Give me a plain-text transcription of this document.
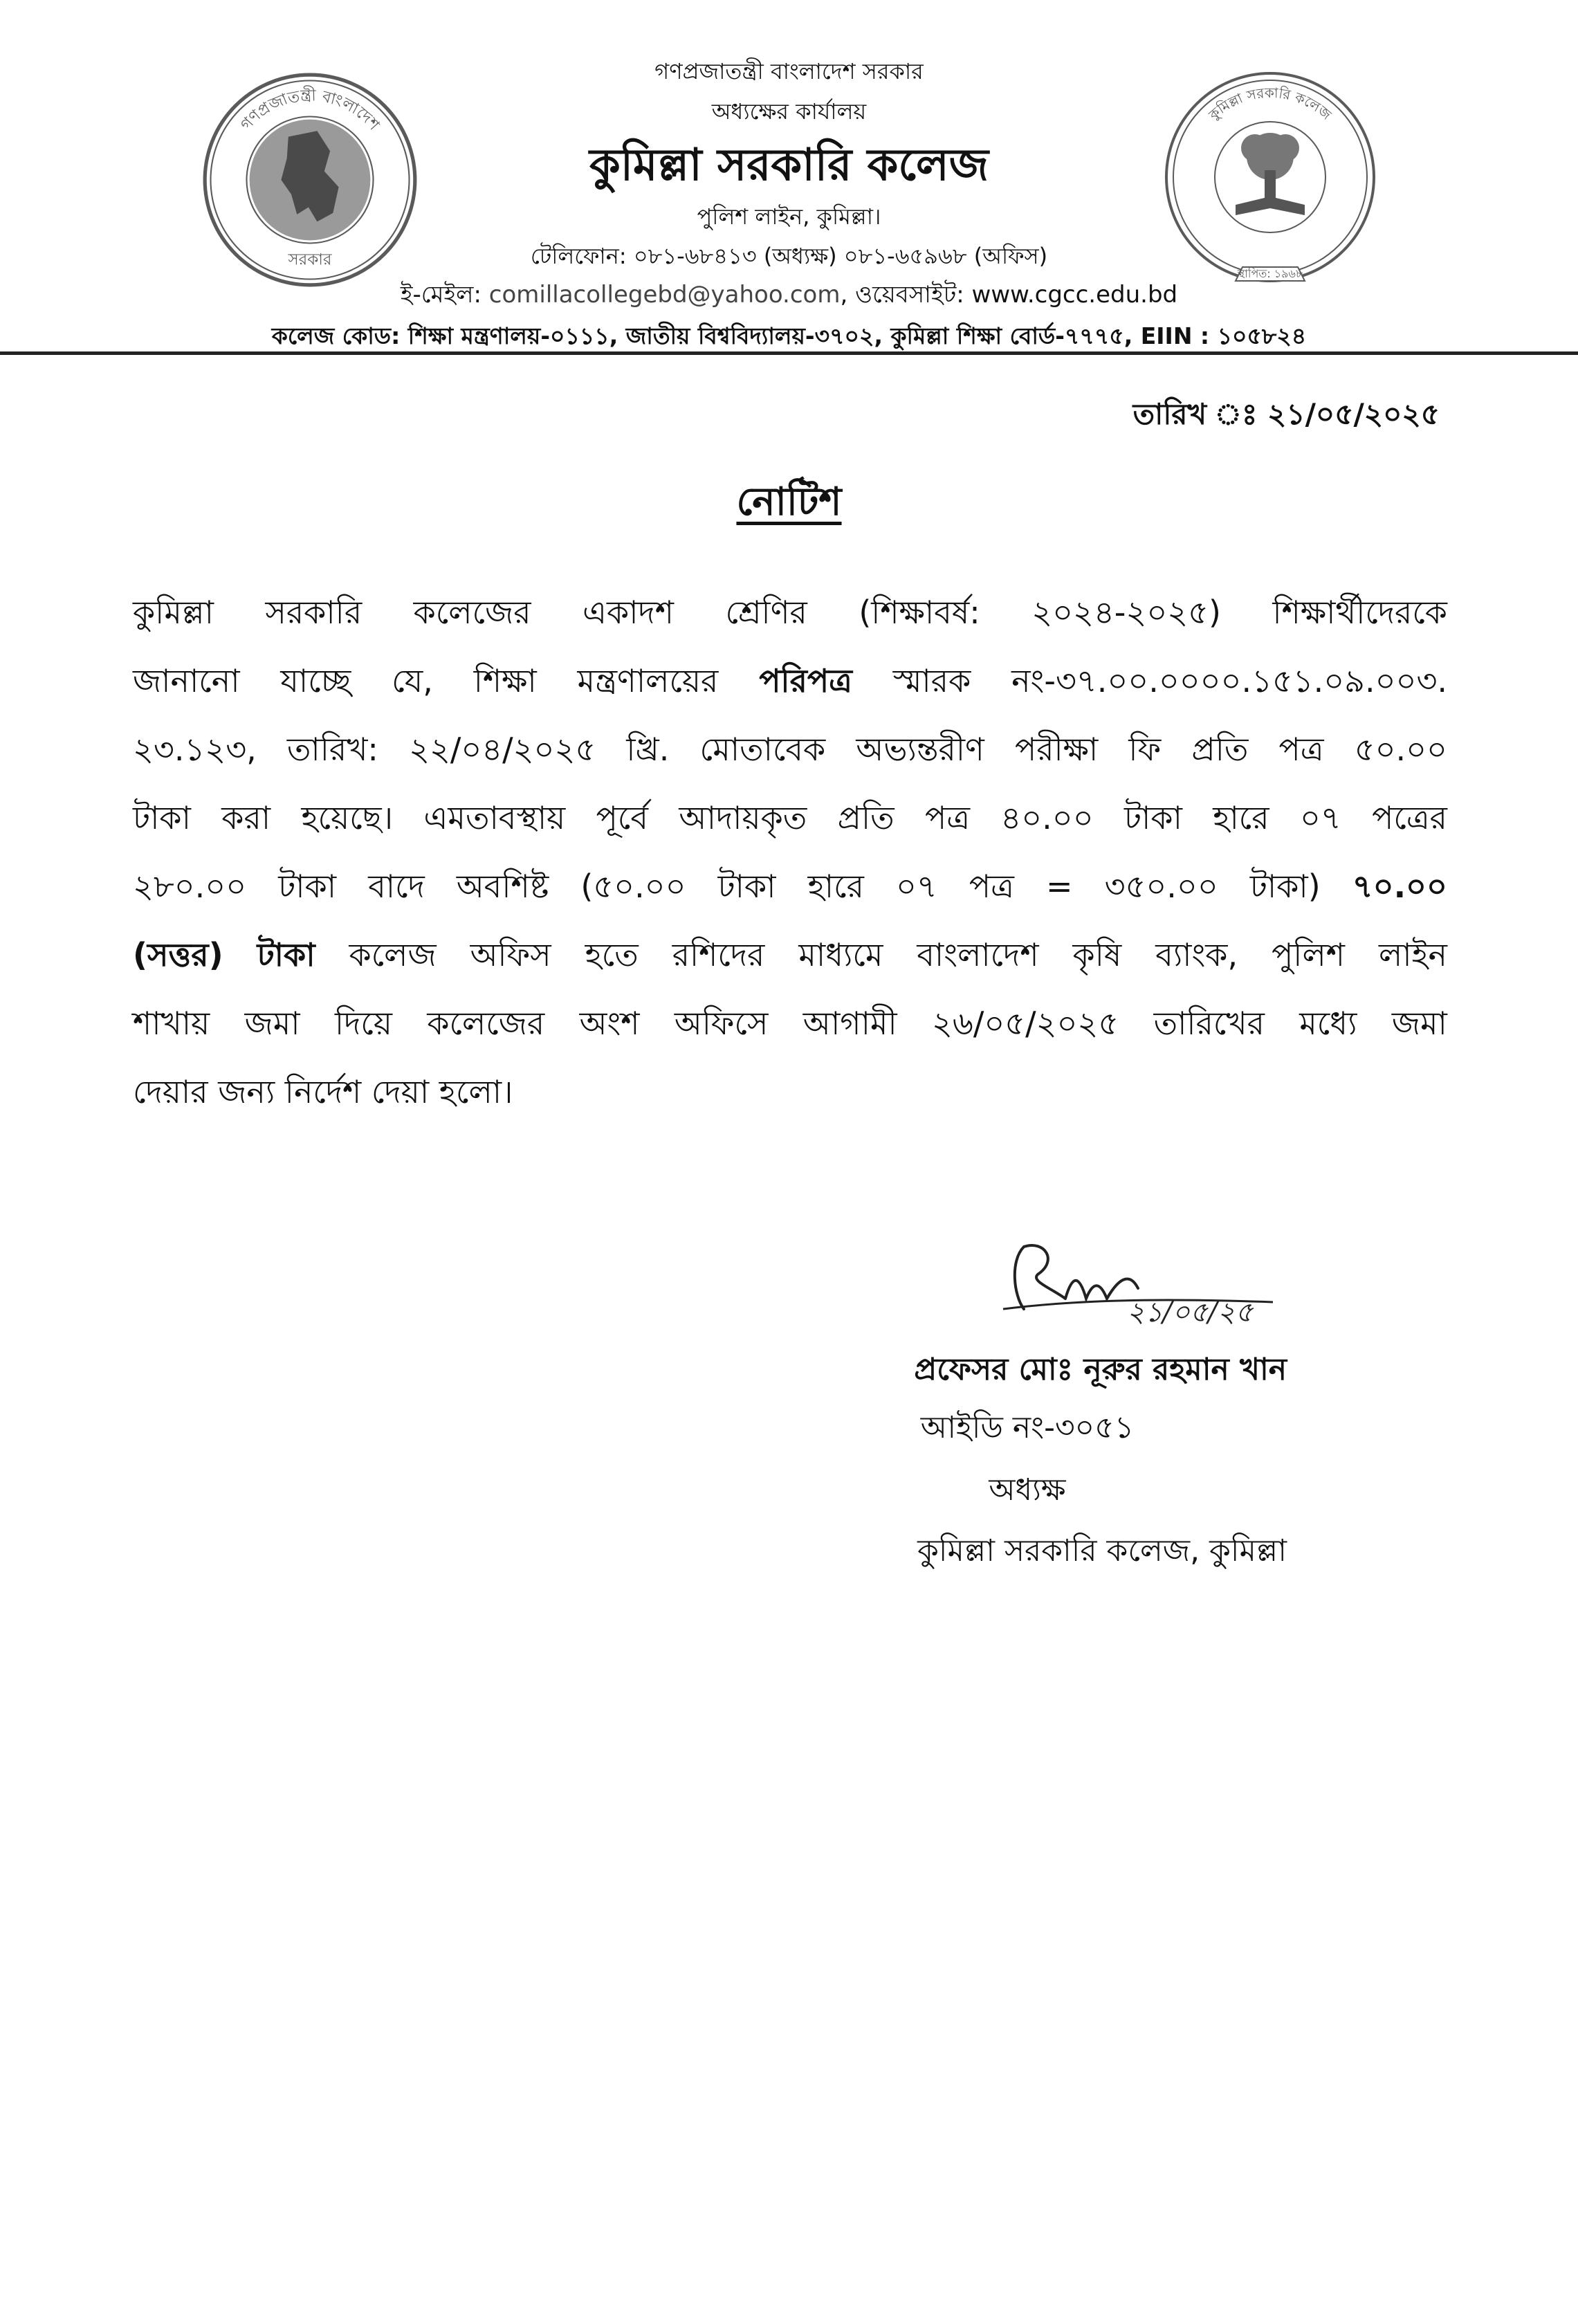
গণপ্রজাতন্ত্রী বাংলাদেশ
সরকার
কুমিল্লা সরকারি কলেজ
স্থাপিত: ১৯৬৮
গণপ্রজাতন্ত্রী বাংলাদেশ সরকার
অধ্যক্ষের কার্যালয়
কুমিল্লা সরকারি কলেজ
পুলিশ লাইন, কুমিল্লা।
টেলিফোন: ০৮১-৬৮৪১৩ (অধ্যক্ষ) ০৮১-৬৫৯৬৮ (অফিস)
ই-মেইল: comillacollegebd@yahoo.com, ওয়েবসাইট: www.cgcc.edu.bd
কলেজ কোড: শিক্ষা মন্ত্রণালয়-০১১১, জাতীয় বিশ্ববিদ্যালয়-৩৭০২, কুমিল্লা শিক্ষা বোর্ড-৭৭৭৫, EIIN : ১০৫৮২৪
তারিখ ঃ ২১/০৫/২০২৫
নোটিশ
কুমিল্লা সরকারি কলেজের একাদশ শ্রেণির (শিক্ষাবর্ষ: ২০২৪-২০২৫) শিক্ষার্থীদেরকে
জানানো যাচ্ছে যে, শিক্ষা মন্ত্রণালয়ের পরিপত্র স্মারক নং-৩৭.০০.০০০০.১৫১.০৯.০০৩.
২৩.১২৩, তারিখ: ২২/০৪/২০২৫ খ্রি. মোতাবেক অভ্যন্তরীণ পরীক্ষা ফি প্রতি পত্র ৫০.০০
টাকা করা হয়েছে। এমতাবস্থায় পূর্বে আদায়কৃত প্রতি পত্র ৪০.০০ টাকা হারে ০৭ পত্রের
২৮০.০০ টাকা বাদে অবশিষ্ট (৫০.০০ টাকা হারে ০৭ পত্র = ৩৫০.০০ টাকা) ৭০.০০
(সত্তর) টাকা কলেজ অফিস হতে রশিদের মাধ্যমে বাংলাদেশ কৃষি ব্যাংক, পুলিশ লাইন
শাখায় জমা দিয়ে কলেজের অংশ অফিসে আগামী ২৬/০৫/২০২৫ তারিখের মধ্যে জমা
দেয়ার
জন্য
নির্দেশ
দেয়া
হলো।

২১/০৫/২৫
প্রফেসর মোঃ নূরুর রহমান খান
আইডি নং-৩০৫১
অধ্যক্ষ
কুমিল্লা সরকারি কলেজ, কুমিল্লা
